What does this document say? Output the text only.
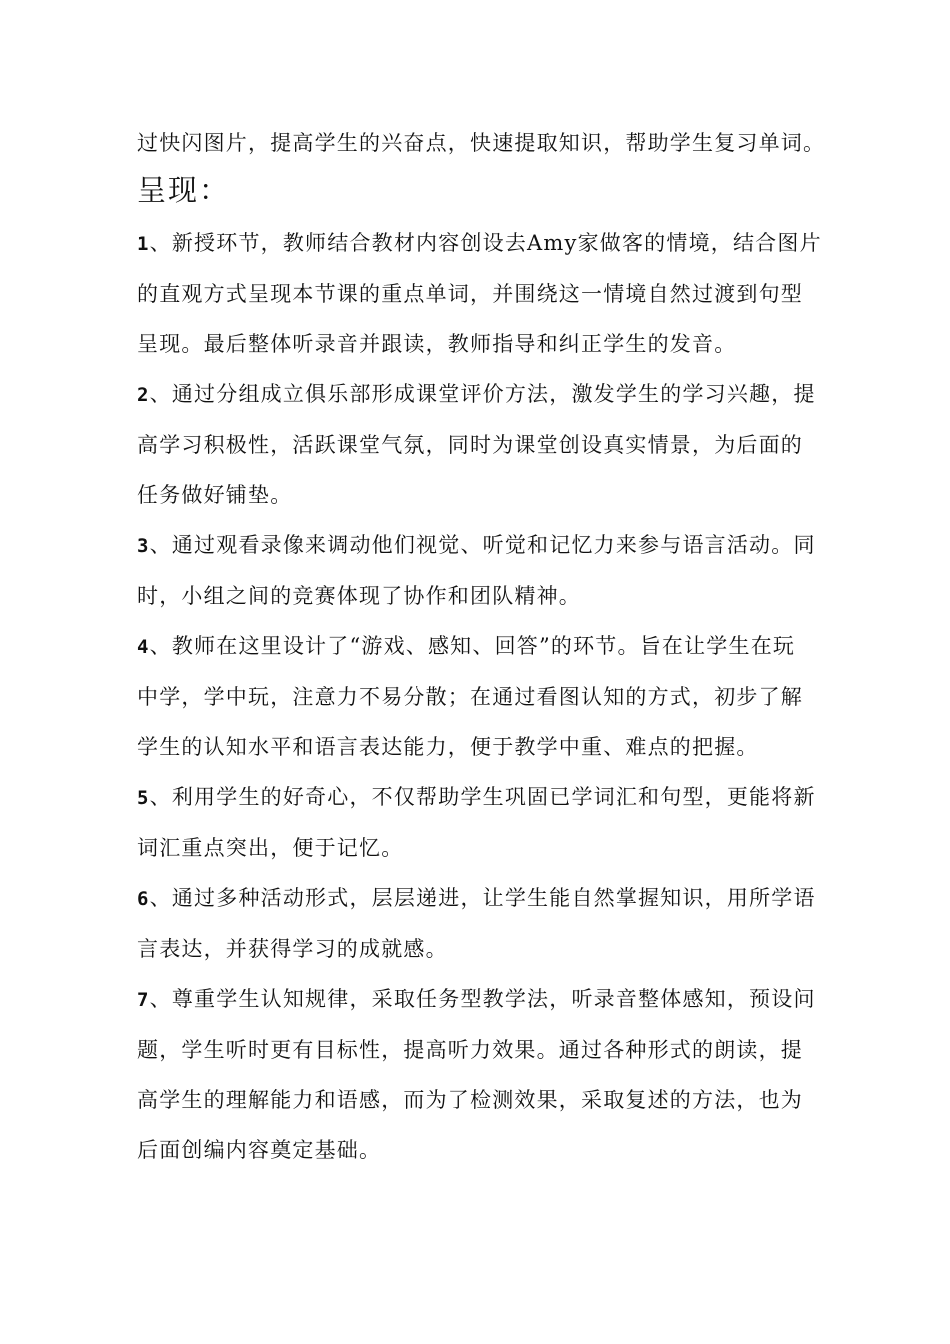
过快闪图片，提高学生的兴奋点，快速提取知识，帮助学生复习单词。

呈现：

1、新授环节，教师结合教材内容创设去Amy家做客的情境，结合图片

的直观方式呈现本节课的重点单词，并围绕这一情境自然过渡到句型

呈现。最后整体听录音并跟读，教师指导和纠正学生的发音。

2、通过分组成立俱乐部形成课堂评价方法，激发学生的学习兴趣，提

高学习积极性，活跃课堂气氛，同时为课堂创设真实情景，为后面的

任务做好铺垫。

3、通过观看录像来调动他们视觉、听觉和记忆力来参与语言活动。同

时，小组之间的竞赛体现了协作和团队精神。

4、教师在这里设计了“游戏、感知、回答”的环节。旨在让学生在玩

中学，学中玩，注意力不易分散；在通过看图认知的方式，初步了解

学生的认知水平和语言表达能力，便于教学中重、难点的把握。

5、利用学生的好奇心，不仅帮助学生巩固已学词汇和句型，更能将新

词汇重点突出，便于记忆。

6、通过多种活动形式，层层递进，让学生能自然掌握知识，用所学语

言表达，并获得学习的成就感。

7、尊重学生认知规律，采取任务型教学法，听录音整体感知，预设问

题，学生听时更有目标性，提高听力效果。通过各种形式的朗读，提

高学生的理解能力和语感，而为了检测效果，采取复述的方法，也为

后面创编内容奠定基础。
